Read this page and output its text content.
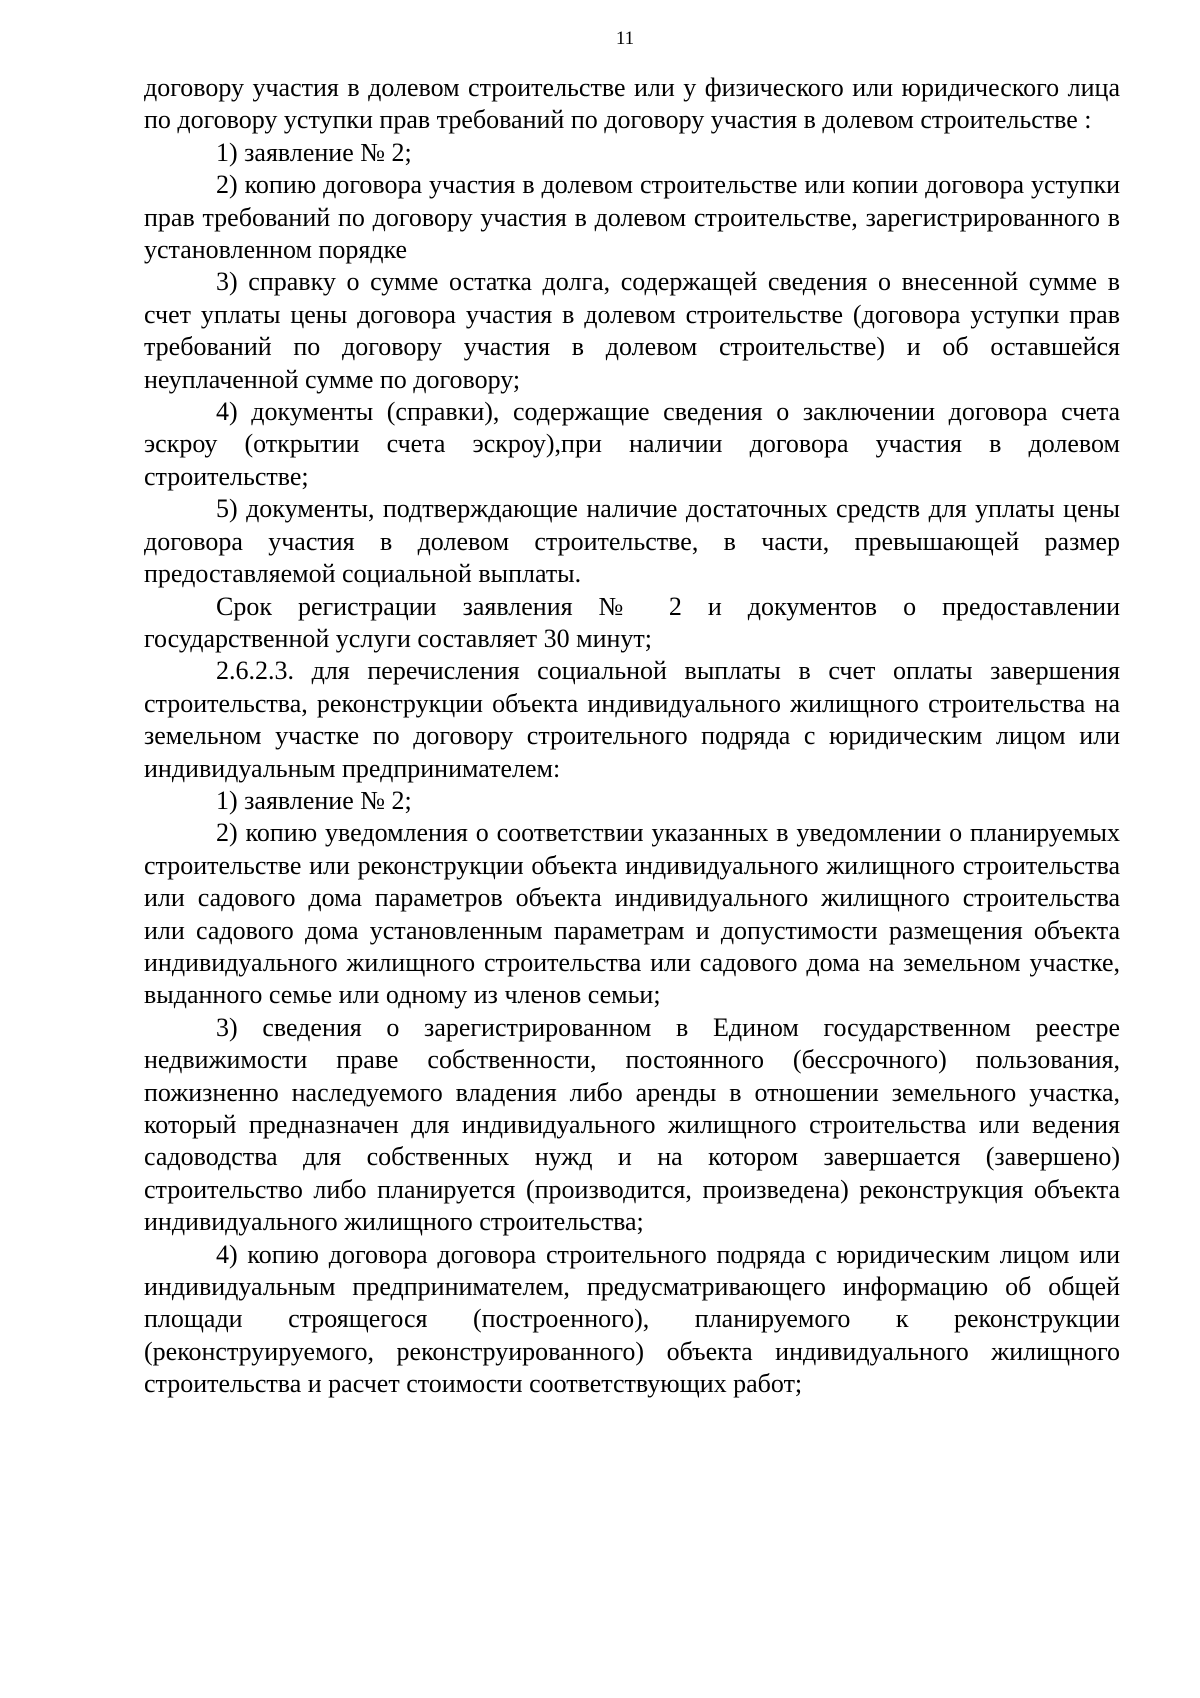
11

договору участия в долевом строительстве или у физического или юридического лица по договору уступки прав требований по договору участия в долевом строительстве :

1) заявление № 2;

2) копию договора участия в долевом строительстве или копии договора уступки прав требований по договору участия в долевом строительстве, зарегистрированного в установленном порядке

3) справку о сумме остатка долга, содержащей сведения о внесенной сумме в счет уплаты цены договора участия в долевом строительстве (договора уступки прав требований по договору участия в долевом строительстве) и об оставшейся неуплаченной сумме по договору;

4) документы (справки), содержащие сведения о заключении договора счета эскроу (открытии счета эскроу),при наличии договора участия в долевом строительстве;

5) документы, подтверждающие наличие достаточных средств для уплаты цены договора участия в долевом строительстве, в части, превышающей размер предоставляемой социальной выплаты.

Срок регистрации заявления № 2 и документов о предоставлении государственной услуги составляет 30 минут;

2.6.2.3. для перечисления социальной выплаты в счет оплаты завершения строительства, реконструкции объекта индивидуального жилищного строительства на земельном участке по договору строительного подряда с юридическим лицом или индивидуальным предпринимателем:

1) заявление № 2;

2) копию уведомления о соответствии указанных в уведомлении о планируемых строительстве или реконструкции объекта индивидуального жилищного строительства или садового дома параметров объекта индивидуального жилищного строительства или садового дома установленным параметрам и допустимости размещения объекта индивидуального жилищного строительства или садового дома на земельном участке, выданного семье или одному из членов семьи;

3) сведения о зарегистрированном в Едином государственном реестре недвижимости праве собственности, постоянного (бессрочного) пользования, пожизненно наследуемого владения либо аренды в отношении земельного участка, который предназначен для индивидуального жилищного строительства или ведения садоводства для собственных нужд и на котором завершается (завершено) строительство либо планируется (производится, произведена) реконструкция объекта индивидуального жилищного строительства;

4) копию договора договора строительного подряда с юридическим лицом или индивидуальным предпринимателем, предусматривающего информацию об общей площади строящегося (построенного), планируемого к реконструкции (реконструируемого, реконструированного) объекта индивидуального жилищного строительства и расчет стоимости соответствующих работ;
